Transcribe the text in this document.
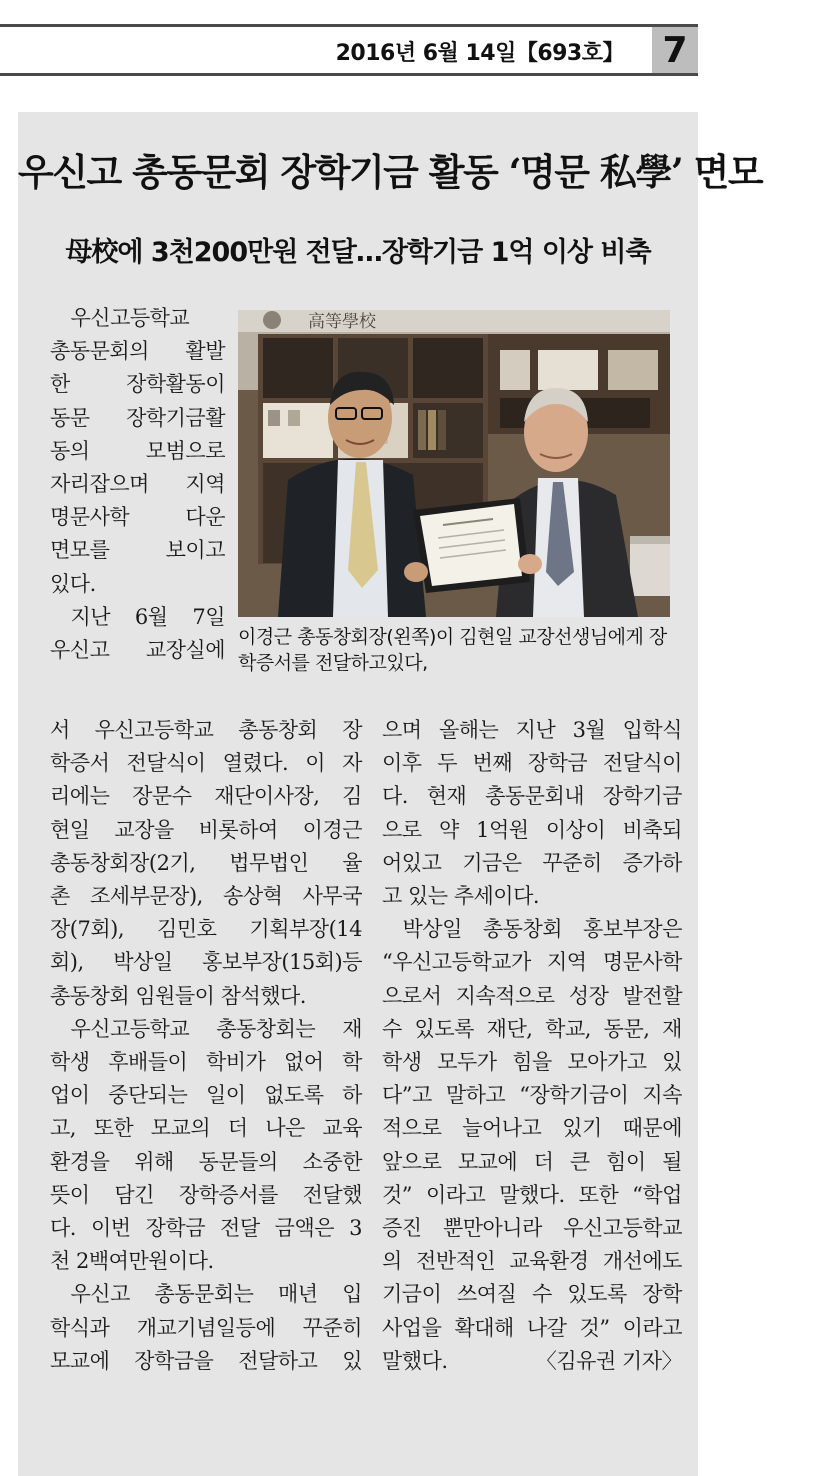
2016년 6월 14일【693호】 7
우신고 총동문회 장학기금 활동 ‘명문 私學’ 면모
母校에 3천200만원 전달…장학기금 1억 이상 비축
高等學校
이경근 총동창회장(왼쪽)이 김현일 교장선생님에게 장학증서를 전달하고있다,
　우신고등학교
총동문회의 활발
한	장학활동이
동문 장학기금활
동의	모범으로
자리잡으며 지역
명문사학	다운
면모를	보이고
있다.
　지난 6월 7일
우신고 교장실에
서 우신고등학교 총동창회 장
학증서 전달식이 열렸다. 이 자
리에는 장문수 재단이사장, 김
현일 교장을 비롯하여 이경근
총동창회장(2기, 법무법인 율
촌 조세부문장), 송상혁 사무국
장(7회), 김민호 기획부장(14
회), 박상일 홍보부장(15회)등
총동창회 임원들이 참석했다.
　우신고등학교 총동창회는 재
학생 후배들이 학비가 없어 학
업이 중단되는 일이 없도록 하
고, 또한 모교의 더 나은 교육
환경을 위해 동문들의 소중한
뜻이 담긴 장학증서를 전달했
다. 이번 장학금 전달 금액은 3
천 2백여만원이다.
　우신고 총동문회는 매년 입
학식과 개교기념일등에 꾸준히
모교에 장학금을 전달하고 있
으며 올해는 지난 3월 입학식
이후 두 번째 장학금 전달식이
다. 현재 총동문회내 장학기금
으로 약 1억원 이상이 비축되
어있고 기금은 꾸준히 증가하
고 있는 추세이다.
　박상일 총동창회 홍보부장은
“우신고등학교가 지역 명문사학
으로서 지속적으로 성장 발전할
수 있도록 재단, 학교, 동문, 재
학생 모두가 힘을 모아가고 있
다”고 말하고 “장학기금이 지속
적으로 늘어나고 있기 때문에
앞으로 모교에 더 큰 힘이 될
것” 이라고 말했다. 또한 “학업
증진 뿐만아니라 우신고등학교
의 전반적인 교육환경 개선에도
기금이 쓰여질 수 있도록 장학
사업을 확대해 나갈 것” 이라고
말했다.	〈김유권 기자〉
